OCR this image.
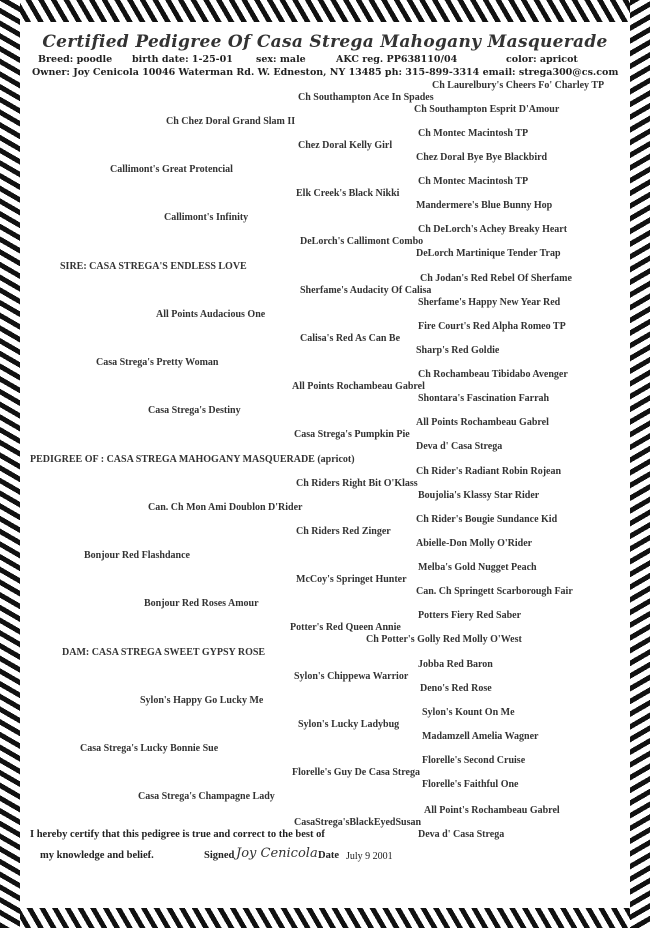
Certified Pedigree Of Casa Strega Mahogany Masquerade
Breed: poodle birth date: 1-25-01 sex: male	AKC reg. PP638110/04	color: apricot
Owner: Joy Cenicola 10046 Waterman Rd. W. Edneston, NY 13485 ph: 315-899-3314 email: strega300@cs.com
Ch Laurelbury's Cheers Fo' Charley TP
Ch Southampton Ace In Spades
Ch Southampton Esprit D'Amour
Ch Chez Doral Grand Slam II
Ch Montec Macintosh TP
Chez Doral Kelly Girl
Chez Doral Bye Bye Blackbird
Callimont's Great Protencial
Ch Montec Macintosh TP
Elk Creek's Black Nikki
Mandermere's Blue Bunny Hop
Callimont's Infinity
Ch DeLorch's Achey Breaky Heart
DeLorch's Callimont Combo
DeLorch Martinique Tender Trap
SIRE: CASA STREGA'S ENDLESS LOVE
Ch Jodan's Red Rebel Of Sherfame
Sherfame's Audacity Of Calisa
Sherfame's Happy New Year Red
All Points Audacious One
Fire Court's Red Alpha Romeo TP
Calisa's Red As Can Be
Sharp's Red Goldie
Casa Strega's Pretty Woman
Ch Rochambeau Tibidabo Avenger
All Points Rochambeau Gabrel
Shontara's Fascination Farrah
Casa Strega's Destiny
All Points Rochambeau Gabrel
Casa Strega's Pumpkin Pie
Deva d' Casa Strega
PEDIGREE OF : CASA STREGA MAHOGANY MASQUERADE (apricot)
Ch Rider's Radiant Robin Rojean
Ch Riders Right Bit O'Klass
Boujolia's Klassy Star Rider
Can. Ch Mon Ami Doublon D'Rider
Ch Rider's Bougie Sundance Kid
Ch Riders Red Zinger
Abielle-Don Molly O'Rider
Bonjour Red Flashdance
Melba's Gold Nugget Peach
McCoy's Springet Hunter
Can. Ch Springett Scarborough Fair
Bonjour Red Roses Amour
Potters Fiery Red Saber
Potter's Red Queen Annie
Ch Potter's Golly Red Molly O'West
DAM: CASA STREGA SWEET GYPSY ROSE
Jobba Red Baron
Sylon's Chippewa Warrior
Deno's Red Rose
Sylon's Happy Go Lucky Me
Sylon's Kount On Me
Sylon's Lucky Ladybug
Madamzell Amelia Wagner
Casa Strega's Lucky Bonnie Sue
Florelle's Second Cruise
Florelle's Guy De Casa Strega
Florelle's Faithful One
Casa Strega's Champagne Lady
All Point's Rochambeau Gabrel
CasaStrega'sBlackEyedSusan
Deva d' Casa Strega
I hereby certify that this pedigree is true and correct to the best of
my knowledge and belief.	Signed Joy Cenicola Date July 9 2001
